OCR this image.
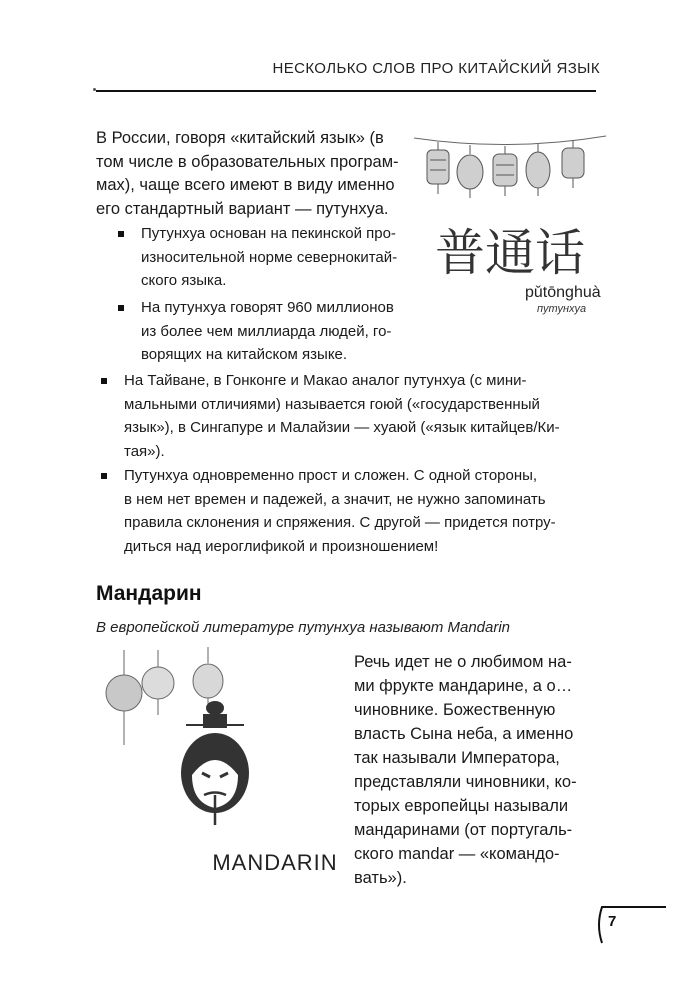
НЕСКОЛЬКО СЛОВ ПРО КИТАЙСКИЙ ЯЗЫК
В России, говоря «китайский язык» (в
том числе в образовательных програм-
мах), чаще всего имеют в виду именно
его стандартный вариант — путунхуа.
Путунхуа основан на пекинской про-
износительной норме севернокитай-
ского языка.
На путунхуа говорят 960 миллионов
из более чем миллиарда людей, го-
ворящих на китайском языке.
На Тайване, в Гонконге и Макао аналог путунхуа (с мини-
мальными отличиями) называется гоюй («государственный
язык»), в Сингапуре и Малайзии — хуаюй («язык китайцев/Ки-
тая»).
Путунхуа одновременно прост и сложен. С одной стороны,
в нем нет времен и падежей, а значит, не нужно запоминать
правила склонения и спряжения. С другой — придется потру-
диться над иероглификой и произношением!
普通话
pǔtōnghuà
путунхуа
Мандарин
В европейской литературе путунхуа называют Mandarin
Речь идет не о любимом на-
ми фрукте мандарине, а о…
чиновнике. Божественную
власть Сына неба, а именно
так называли Императора,
представляли чиновники, ко-
торых европейцы называли
мандаринами (от португаль-
ского mandar — «командо-
вать»).
MANDARIN
7
